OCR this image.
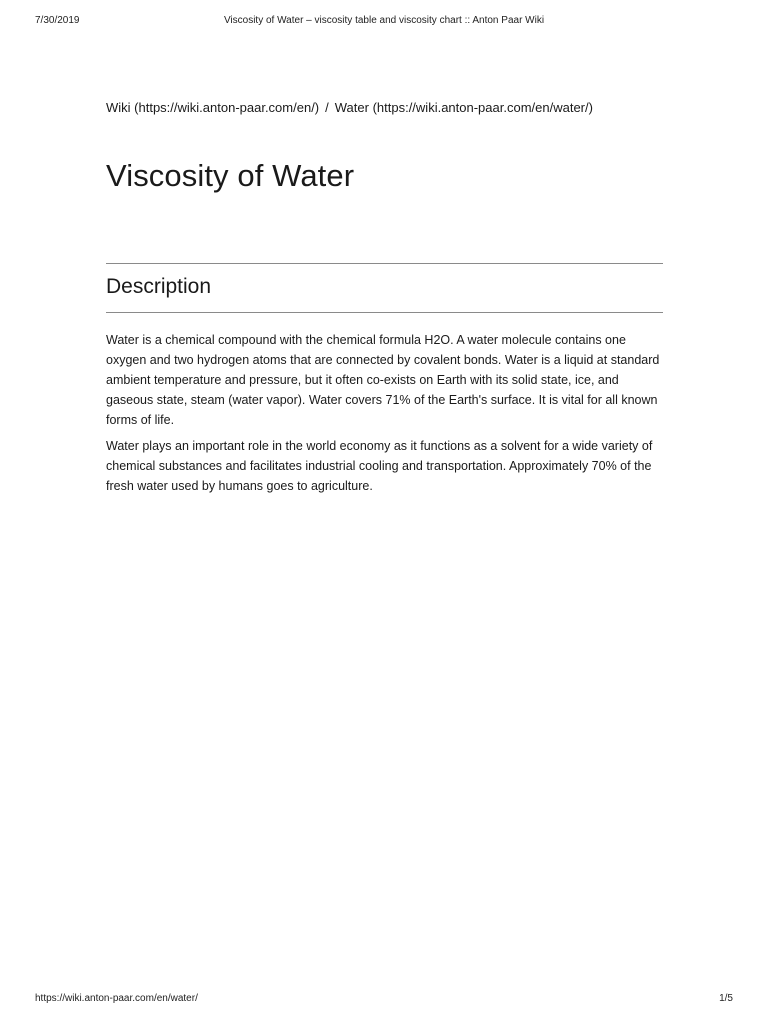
7/30/2019	Viscosity of Water – viscosity table and viscosity chart :: Anton Paar Wiki
Wiki (https://wiki.anton-paar.com/en/) / Water (https://wiki.anton-paar.com/en/water/)
Viscosity of Water
Description

Water is a chemical compound with the chemical formula H2O. A water molecule contains one oxygen and two hydrogen atoms that are connected by covalent bonds. Water is a liquid at standard ambient temperature and pressure, but it often co-exists on Earth with its solid state, ice, and gaseous state, steam (water vapor). Water covers 71% of the Earth's surface. It is vital for all known forms of life.

Water plays an important role in the world economy as it functions as a solvent for a wide variety of chemical substances and facilitates industrial cooling and transportation. Approximately 70% of the fresh water used by humans goes to agriculture.

https://wiki.anton-paar.com/en/water/	1/5
